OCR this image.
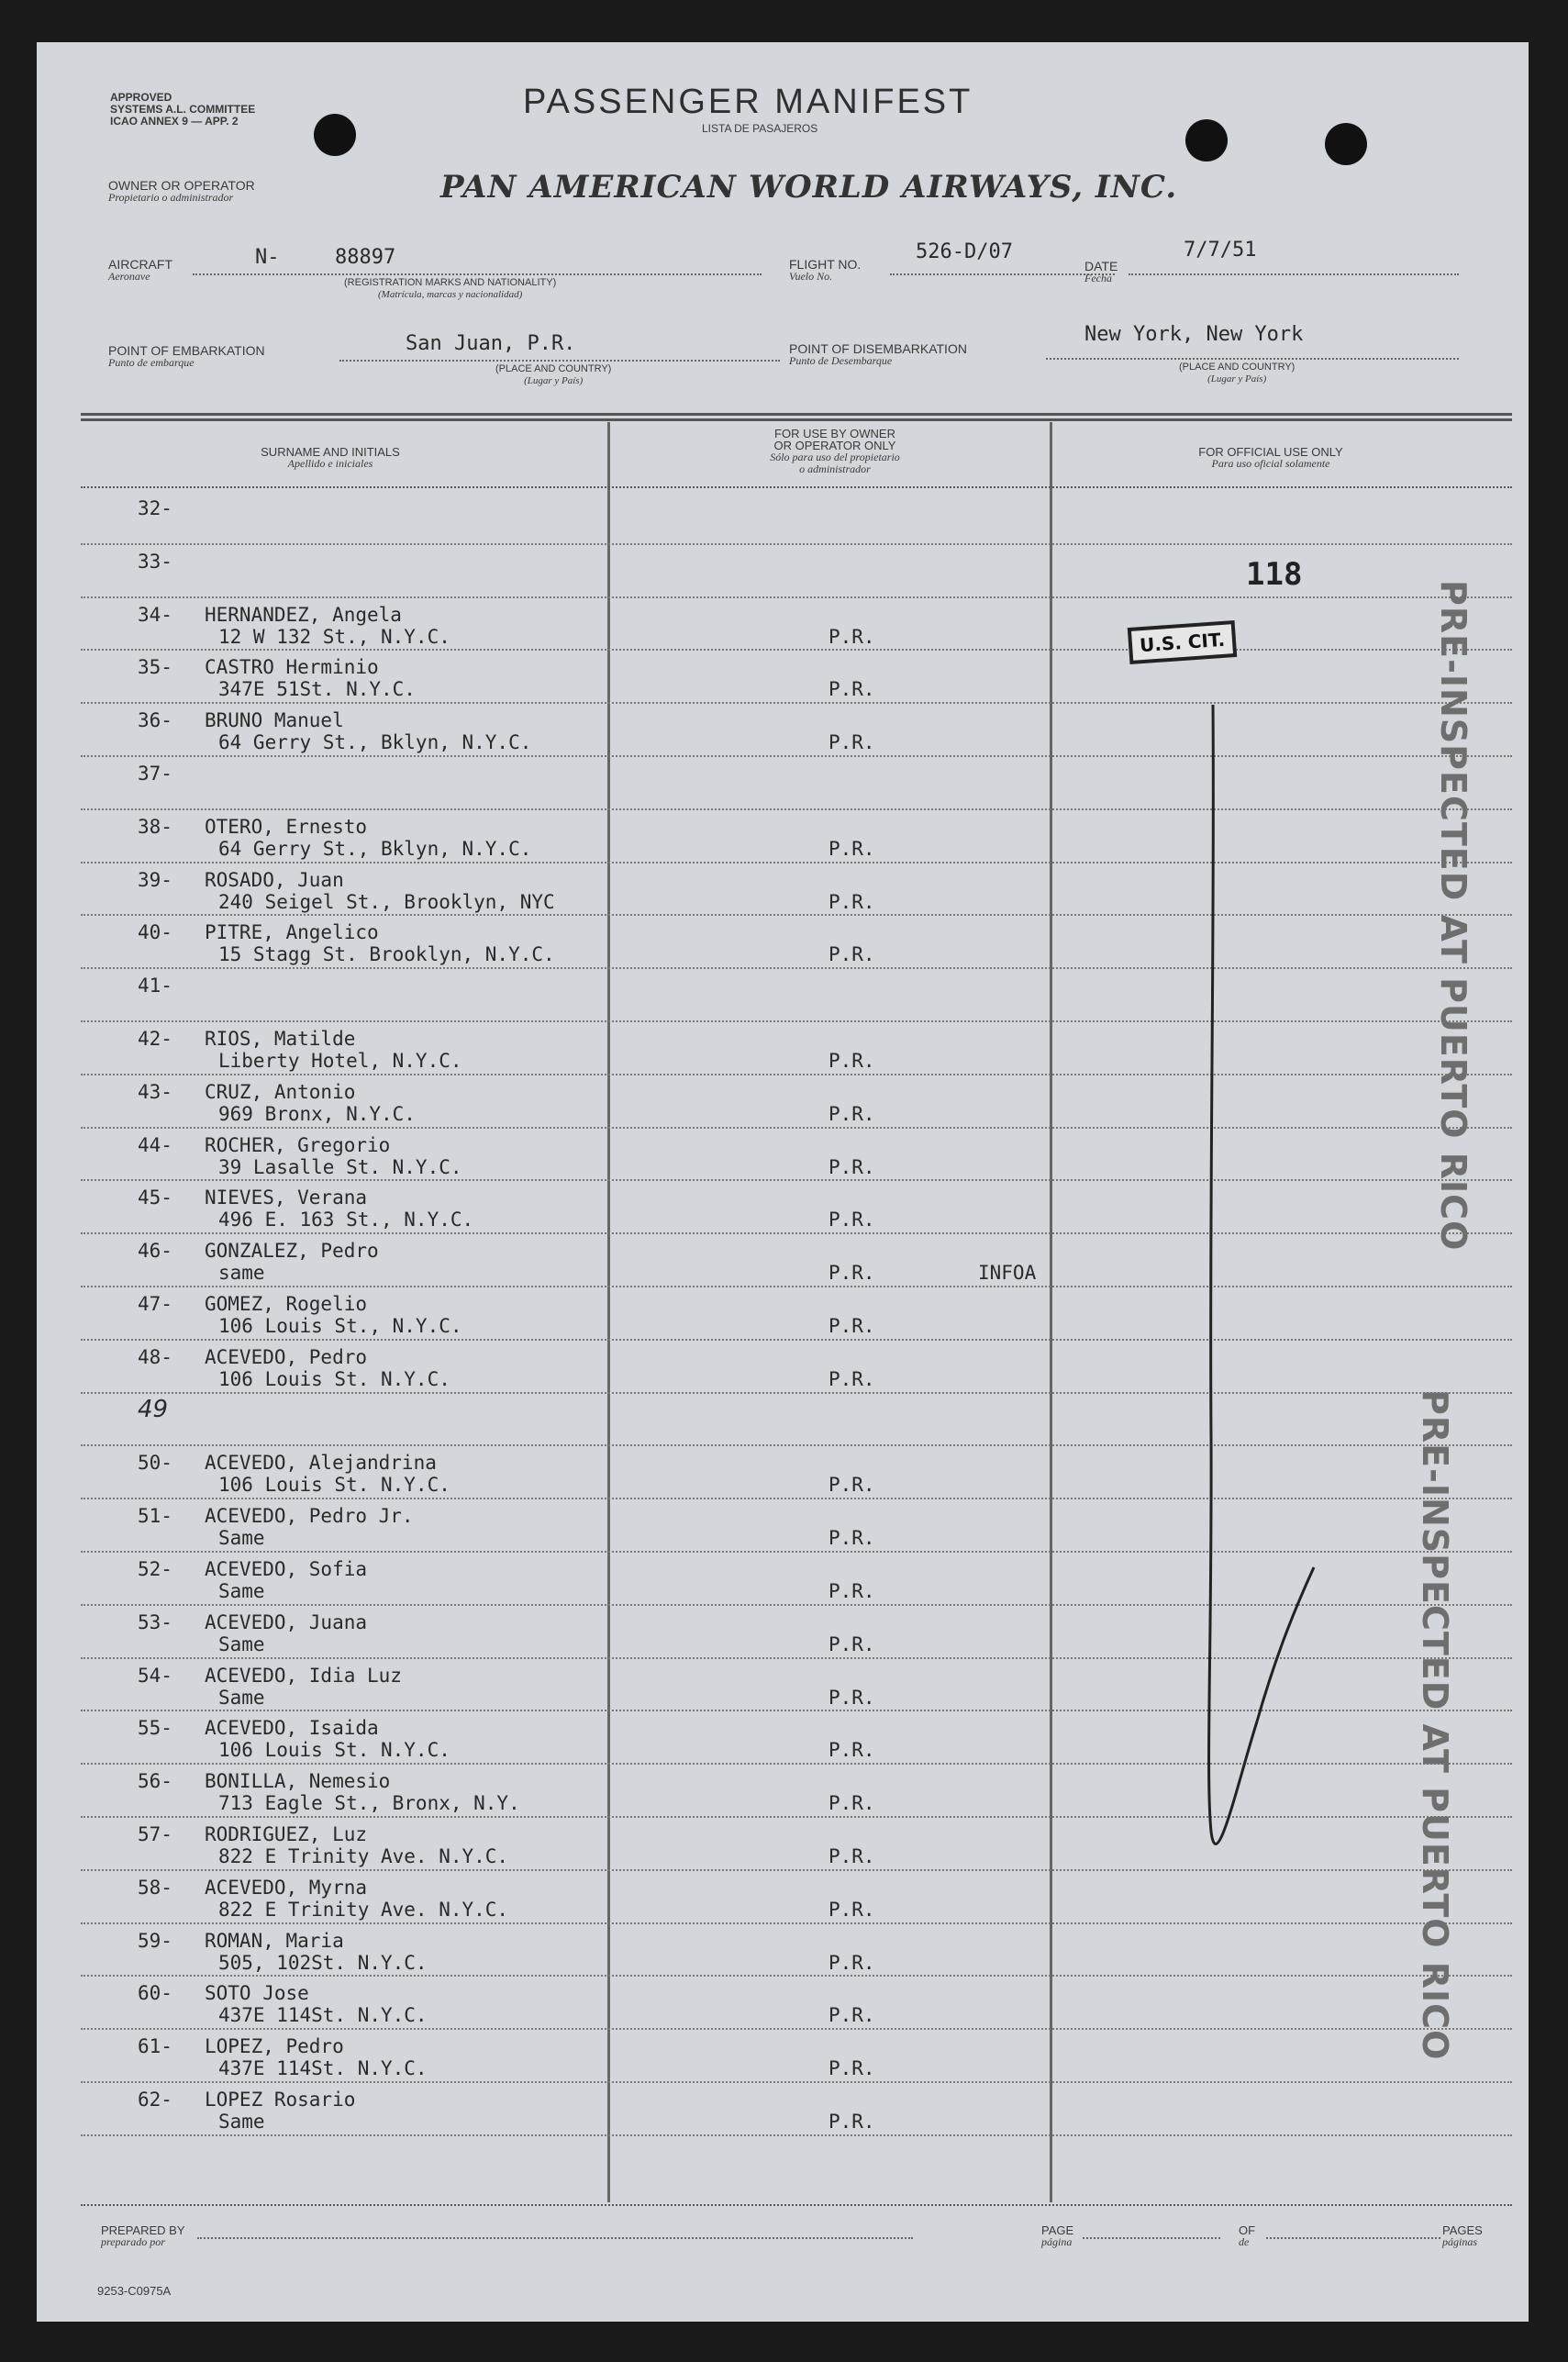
APPROVED
SYSTEMS A.L. COMMITTEE
ICAO ANNEX 9 — APP. 2	PASSENGER MANIFEST
LISTA DE PASAJEROS
OWNER OR OPERATOR
Propietario o administrador	PAN AMERICAN WORLD AIRWAYS, INC.
AIRCRAFT
Aeronave
N-	88897
(REGISTRATION MARKS AND NATIONALITY)
(Matrícula, marcas y nacionalidad)
FLIGHT NO.
Vuelo No.
526-D/07
DATE
Fecha
7/7/51
POINT OF EMBARKATION
Punto de embarque
San Juan, P.R.
(PLACE AND COUNTRY)
(Lugar y País)
POINT OF DISEMBARKATION
Punto de Desembarque
New York, New York
(PLACE AND COUNTRY)
(Lugar y País)
SURNAME AND INITIALS
Apellido e iniciales
FOR USE BY OWNER
OR OPERATOR ONLY
Sólo para uso del propietario
o administrador
FOR OFFICIAL USE ONLY
Para uso oficial solamente
32-
33-
34- HERNANDEZ, Angela
12 W 132 St., N.Y.C.	P.R.
35- CASTRO Herminio
347E 51St. N.Y.C.	P.R.
36- BRUNO Manuel
64 Gerry St., Bklyn, N.Y.C.	P.R.
37-
38- OTERO, Ernesto
64 Gerry St., Bklyn, N.Y.C.	P.R.
39- ROSADO, Juan
240 Seigel St., Brooklyn, NYC	P.R.
40- PITRE, Angelico
15 Stagg St. Brooklyn, N.Y.C.	P.R.
41-
42- RIOS, Matilde
Liberty Hotel, N.Y.C.	P.R.
43- CRUZ, Antonio
969 Bronx, N.Y.C.	P.R.
44- ROCHER, Gregorio
39 Lasalle St. N.Y.C.	P.R.
45- NIEVES, Verana
496 E. 163 St., N.Y.C.	P.R.
46- GONZALEZ, Pedro
same	P.R.	INFOA
47- GOMEZ, Rogelio
106 Louis St., N.Y.C.	P.R.
48- ACEVEDO, Pedro
106 Louis St. N.Y.C.	P.R.
49
50- ACEVEDO, Alejandrina
106 Louis St. N.Y.C.	P.R.
51- ACEVEDO, Pedro Jr.
Same	P.R.
52- ACEVEDO, Sofia
Same	P.R.
53- ACEVEDO, Juana
Same	P.R.
54- ACEVEDO, Idia Luz
Same	P.R.
55- ACEVEDO, Isaida
106 Louis St. N.Y.C.	P.R.
56- BONILLA, Nemesio
713 Eagle St., Bronx, N.Y.	P.R.
57- RODRIGUEZ, Luz
822 E Trinity Ave. N.Y.C.	P.R.
58- ACEVEDO, Myrna
822 E Trinity Ave. N.Y.C.	P.R.
59- ROMAN, Maria
505, 102St. N.Y.C.	P.R.
60- SOTO Jose
437E 114St. N.Y.C.	P.R.
61- LOPEZ, Pedro
437E 114St. N.Y.C.	P.R.
62- LOPEZ Rosario
Same	P.R.
118
U.S. CIT.	PRE-INSPECTED AT PUERTO RICO
PRE-INSPECTED AT PUERTO RICO
PREPARED BY
preparado por
PAGE
página
OF
de
PAGES
páginas
9253-C0975A
